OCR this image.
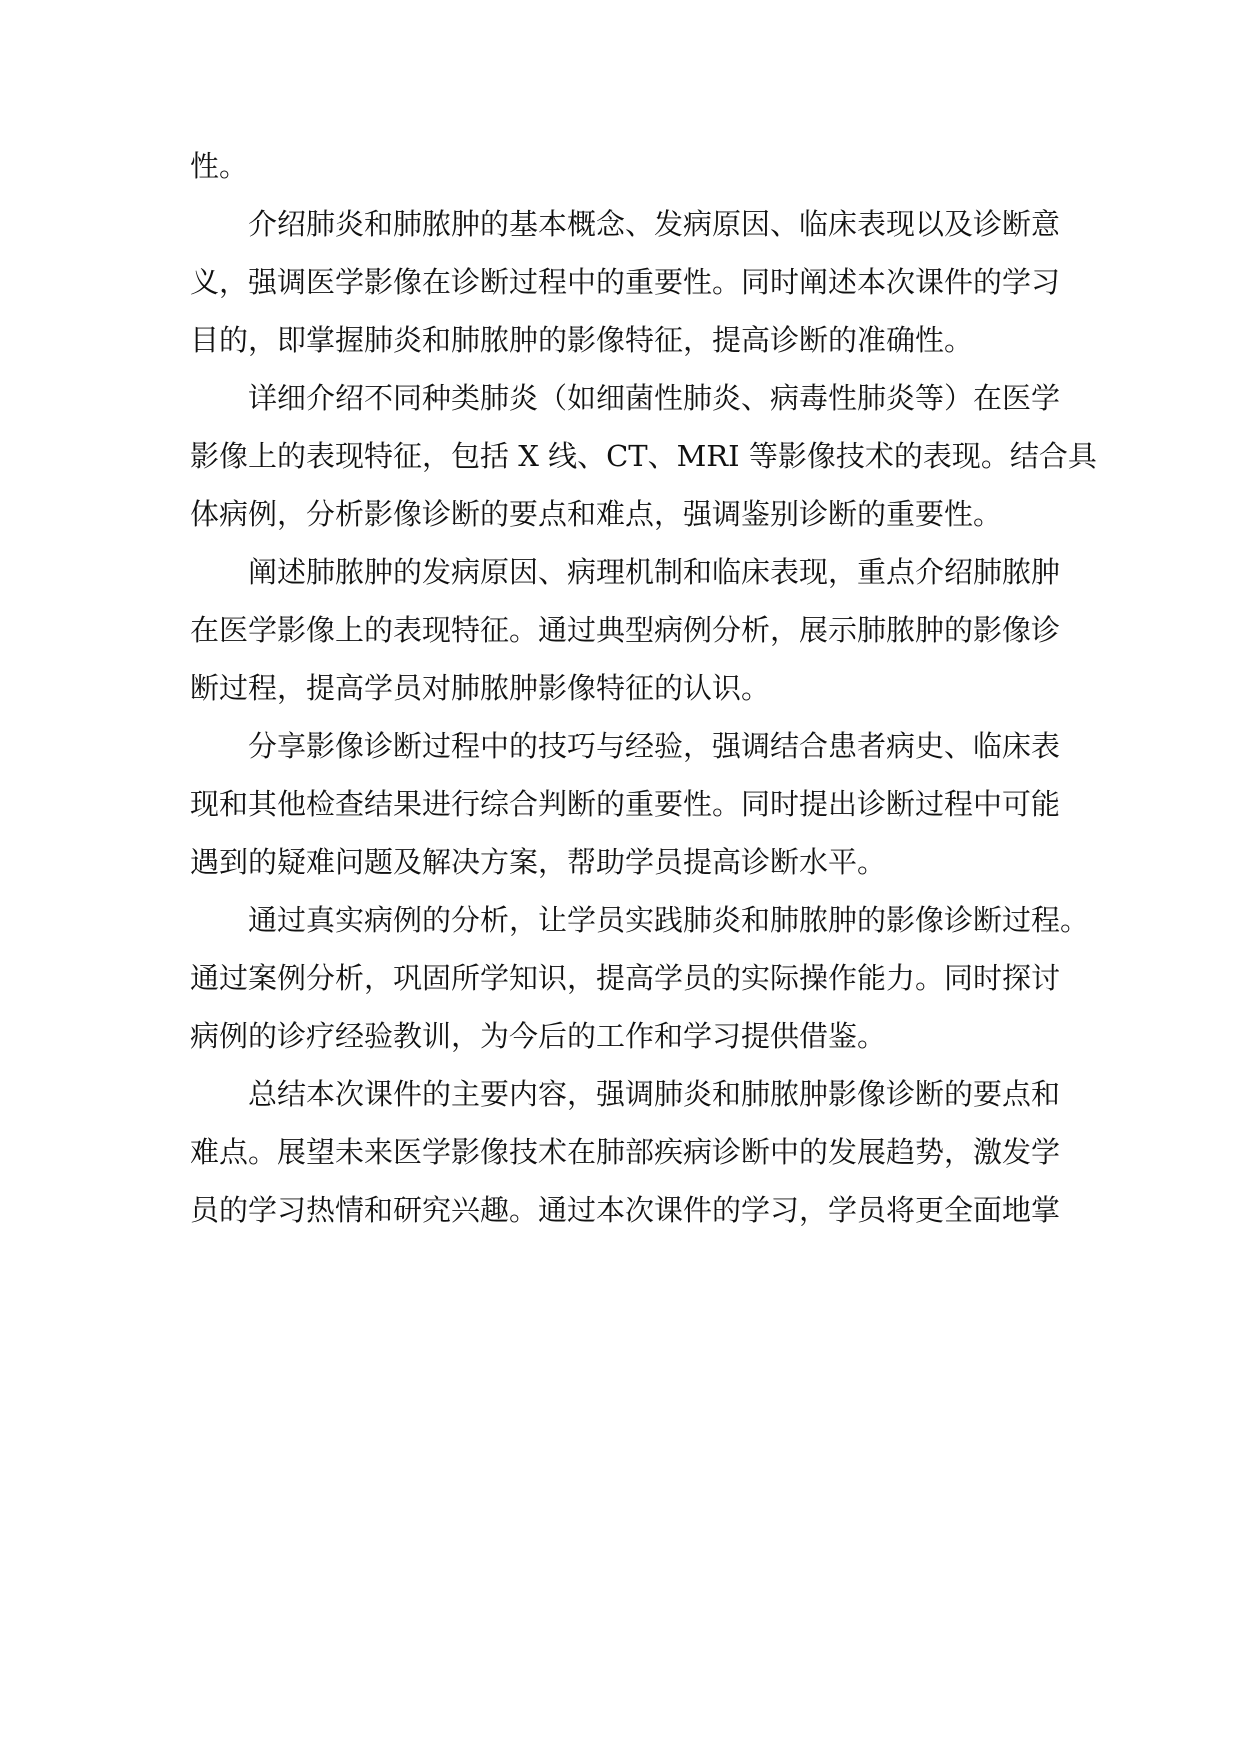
性。
介绍肺炎和肺脓肿的基本概念、发病原因、临床表现以及诊断意
义，强调医学影像在诊断过程中的重要性。同时阐述本次课件的学习
目的，即掌握肺炎和肺脓肿的影像特征，提高诊断的准确性。
详细介绍不同种类肺炎（如细菌性肺炎、病毒性肺炎等）在医学
影像上的表现特征，包括 X 线、CT、MRI 等影像技术的表现。结合具
体病例，分析影像诊断的要点和难点，强调鉴别诊断的重要性。
阐述肺脓肿的发病原因、病理机制和临床表现，重点介绍肺脓肿
在医学影像上的表现特征。通过典型病例分析，展示肺脓肿的影像诊
断过程，提高学员对肺脓肿影像特征的认识。
分享影像诊断过程中的技巧与经验，强调结合患者病史、临床表
现和其他检查结果进行综合判断的重要性。同时提出诊断过程中可能
遇到的疑难问题及解决方案，帮助学员提高诊断水平。
通过真实病例的分析，让学员实践肺炎和肺脓肿的影像诊断过程。
通过案例分析，巩固所学知识，提高学员的实际操作能力。同时探讨
病例的诊疗经验教训，为今后的工作和学习提供借鉴。
总结本次课件的主要内容，强调肺炎和肺脓肿影像诊断的要点和
难点。展望未来医学影像技术在肺部疾病诊断中的发展趋势，激发学
员的学习热情和研究兴趣。通过本次课件的学习，学员将更全面地掌
